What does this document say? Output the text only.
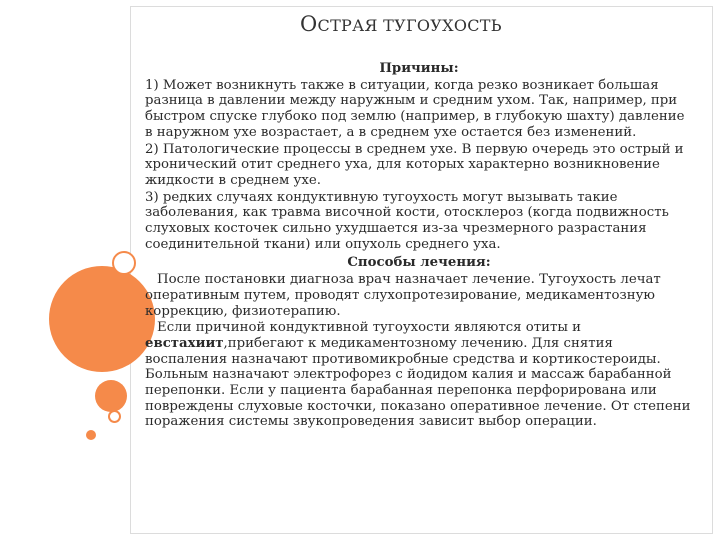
ОСТРАЯ ТУГОУХОСТЬ

Причины:

1) Может возникнуть также в ситуации, когда резко возникает большая разница в давлении между наружным и средним ухом. Так, например, при быстром спуске глубоко под землю (например, в глубокую шахту) давление в наружном ухе возрастает, а в среднем ухе остается без изменений.

2) Патологические процессы в среднем ухе. В первую очередь это острый и хронический отит среднего уха, для которых характерно возникновение жидкости в среднем ухе.

3) редких случаях кондуктивную тугоухость могут вызывать такие заболевания, как травма височной кости, отосклероз (когда подвижность слуховых косточек сильно ухудшается из-за чрезмерного разрастания соединительной ткани) или опухоль среднего уха.

Способы лечения:

После постановки диагноза врач назначает лечение. Тугоухость лечат оперативным путем, проводят слухопротезирование, медикаментозную коррекцию, физиотерапию.

Если причиной кондуктивной тугоухости являются отиты и евстахиит,прибегают к медикаментозному лечению. Для снятия воспаления назначают противомикробные средства и кортикостероиды. Больным назначают электрофорез с йодидом калия и массаж барабанной перепонки. Если у пациента барабанная перепонка перфорирована или повреждены слуховые косточки, показано оперативное лечение. От степени поражения системы звукопроведения зависит выбор операции.
